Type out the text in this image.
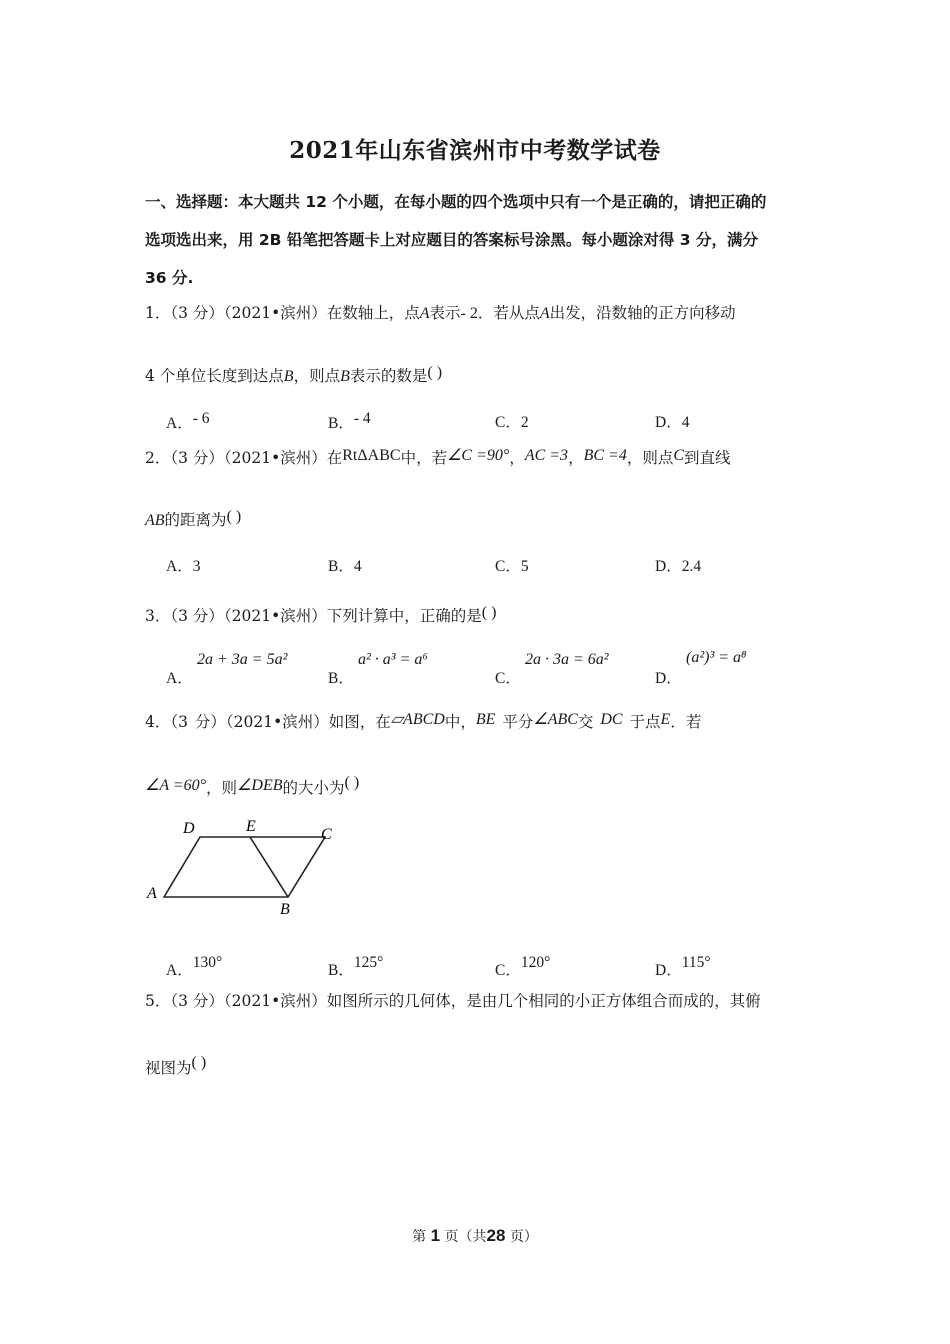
2021年山东省滨州市中考数学试卷
一、选择题：本大题共 12 个小题，在每小题的四个选项中只有一个是正确的，请把正确的
选项选出来，用 2B 铅笔把答题卡上对应题目的答案标号涂黑。每小题涂对得 3 分，满分
36 分.
1．（3 分）（2021•滨州）在数轴上，点A表示- 2．若从点A出发，沿数轴的正方向移动
4 个单位长度到达点B，则点B表示的数是( )
A．- 6	B．- 4	C．2	D．4
2．（3 分）（2021•滨州）在RtΔABC中，若∠C =90°，AC =3，BC =4，则点C到直线
AB的距离为( )
A．3	B．4	C．5	D．2.4
3．（3 分）（2021•滨州）下列计算中，正确的是( )
A．
2a + 3a = 5a²
B．
a² · a³ = a⁶
C．
2a · 3a = 6a²
D．
(a²)³ = a⁸
4．（3 分）（2021•滨州）如图，在▱ABCD中，BE 平分∠ABC交 DC 于点E．若
∠A =60°，则∠DEB的大小为( )
A
B
C
D	E
A．130°	B．125°	C．120°	D．115°
5．（3 分）（2021•滨州）如图所示的几何体，是由几个相同的小正方体组合而成的，其俯
视图为( )
第 1 页（共28 页）
